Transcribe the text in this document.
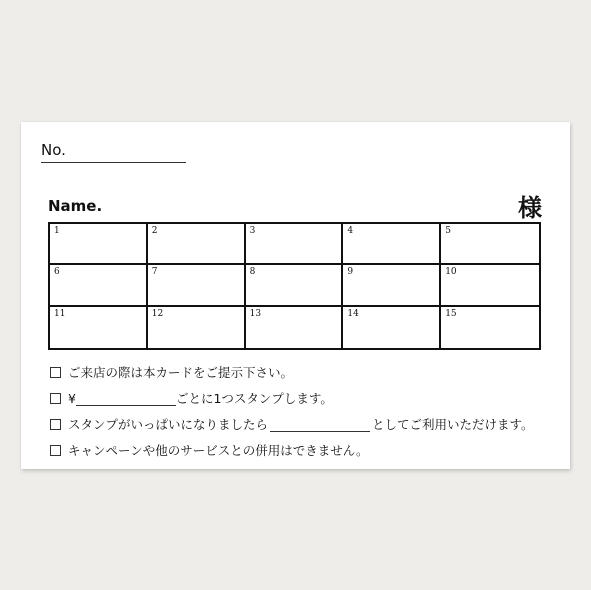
No.
Name.	様
1	2	3	4	5
6	7	8	9	10
11	12	13	14	15
ご来店の際は本カードをご提示下さい。
¥	ごとに1つスタンプします。
スタンプがいっぱいになりましたら	としてご利用いただけます。
キャンペーンや他のサービスとの併用はできません。
